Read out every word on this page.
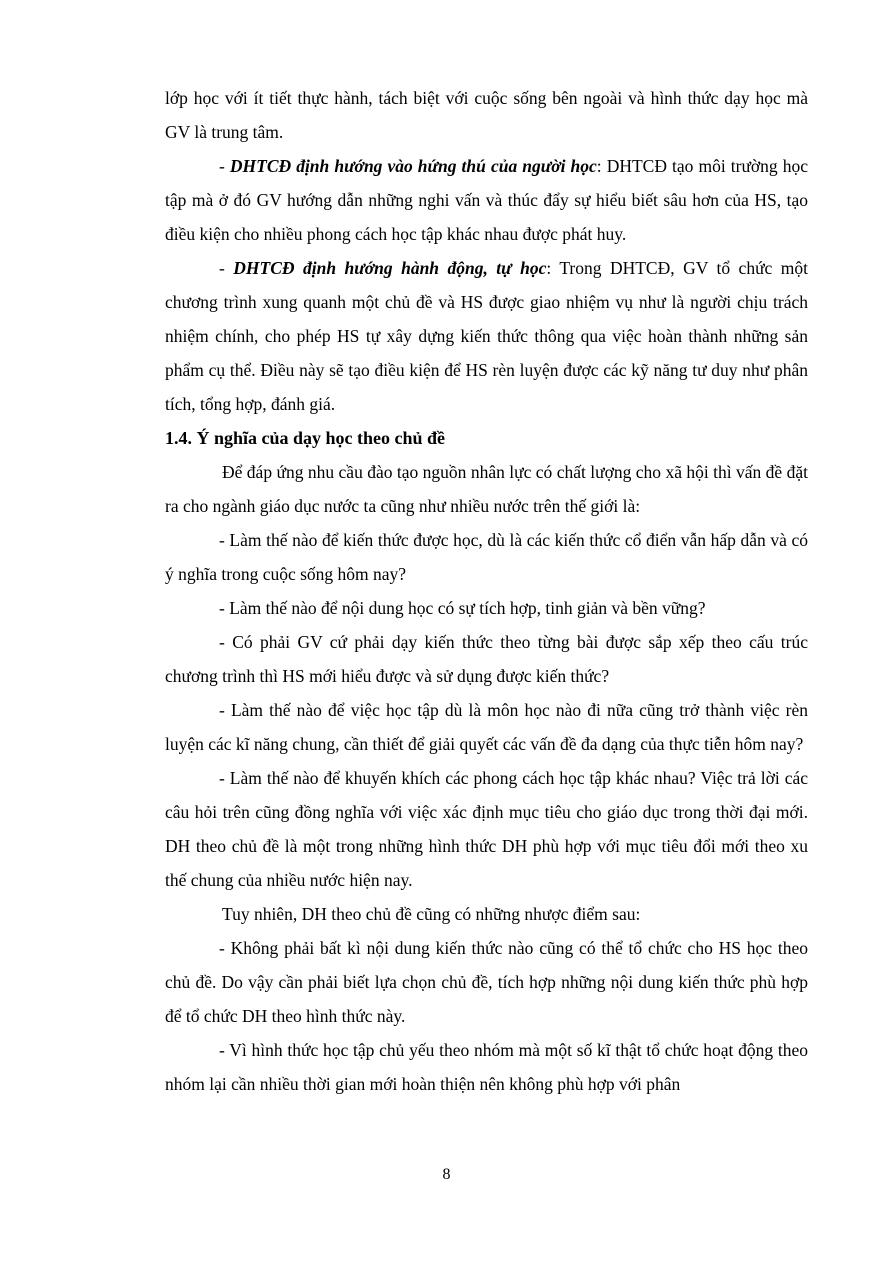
lớp học với ít tiết thực hành, tách biệt với cuộc sống bên ngoài và hình thức dạy học mà GV là trung tâm.

- DHTCĐ định hướng vào hứng thú của người học: DHTCĐ tạo môi trường học tập mà ở đó GV hướng dẫn những nghi vấn và thúc đẩy sự hiểu biết sâu hơn của HS, tạo điều kiện cho nhiều phong cách học tập khác nhau được phát huy.

- DHTCĐ định hướng hành động, tự học: Trong DHTCĐ, GV tổ chức một chương trình xung quanh một chủ đề và HS được giao nhiệm vụ như là người chịu trách nhiệm chính, cho phép HS tự xây dựng kiến thức thông qua việc hoàn thành những sản phẩm cụ thể. Điều này sẽ tạo điều kiện để HS rèn luyện được các kỹ năng tư duy như phân tích, tổng hợp, đánh giá.

1.4. Ý nghĩa của dạy học theo chủ đề

Để đáp ứng nhu cầu đào tạo nguồn nhân lực có chất lượng cho xã hội thì vấn đề đặt ra cho ngành giáo dục nước ta cũng như nhiều nước trên thế giới là:

- Làm thế nào để kiến thức được học, dù là các kiến thức cổ điển vẫn hấp dẫn và có ý nghĩa trong cuộc sống hôm nay?

- Làm thế nào để nội dung học có sự tích hợp, tinh giản và bền vững?

- Có phải GV cứ phải dạy kiến thức theo từng bài được sắp xếp theo cấu trúc chương trình thì HS mới hiểu được và sử dụng được kiến thức?

- Làm thế nào để việc học tập dù là môn học nào đi nữa cũng trở thành việc rèn luyện các kĩ năng chung, cần thiết để giải quyết các vấn đề đa dạng của thực tiễn hôm nay?

- Làm thế nào để khuyến khích các phong cách học tập khác nhau? Việc trả lời các câu hỏi trên cũng đồng nghĩa với việc xác định mục tiêu cho giáo dục trong thời đại mới. DH theo chủ đề là một trong những hình thức DH phù hợp với mục tiêu đổi mới theo xu thế chung của nhiều nước hiện nay.

Tuy nhiên, DH theo chủ đề cũng có những nhược điểm sau:

- Không phải bất kì nội dung kiến thức nào cũng có thể tổ chức cho HS học theo chủ đề. Do vậy cần phải biết lựa chọn chủ đề, tích hợp những nội dung kiến thức phù hợp để tổ chức DH theo hình thức này.

- Vì hình thức học tập chủ yếu theo nhóm mà một số kĩ thật tổ chức hoạt động theo nhóm lại cần nhiều thời gian mới hoàn thiện nên không phù hợp với phân

8
